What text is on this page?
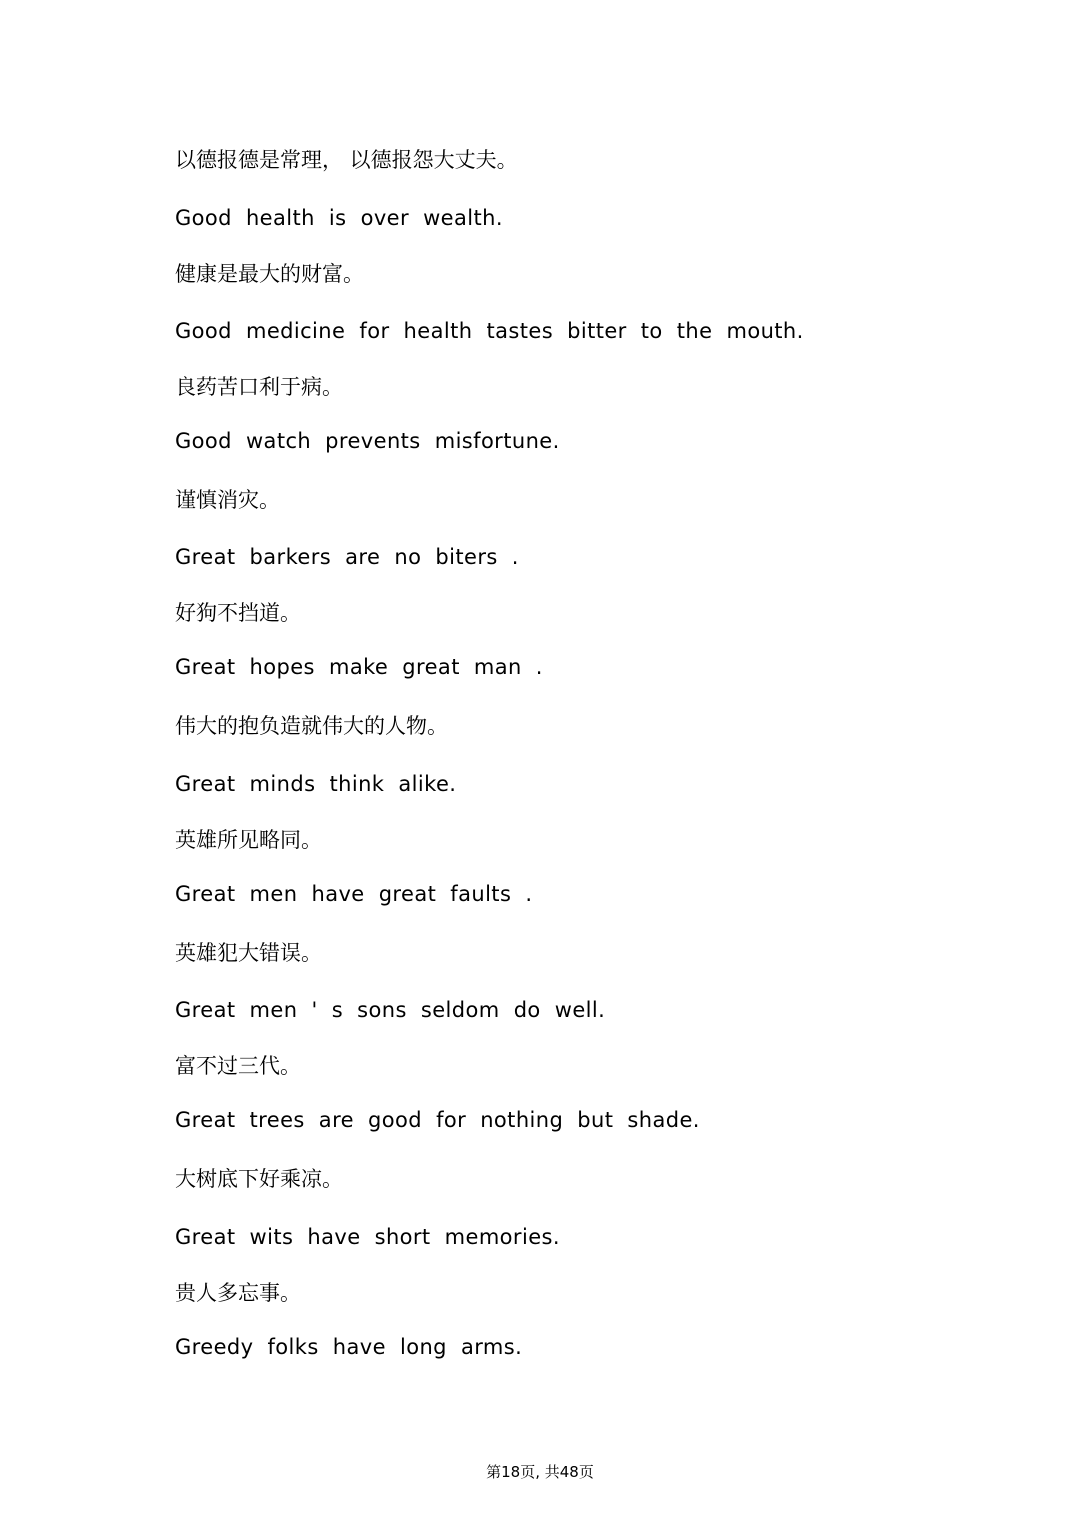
以德报德是常理， 以德报怨大丈夫。
Good health is over wealth.
健康是最大的财富。
Good medicine for health tastes bitter to the mouth.
良药苦口利于病。
Good watch prevents misfortune.
谨慎消灾。
Great barkers are no biters .
好狗不挡道。
Great hopes make great man .
伟大的抱负造就伟大的人物。
Great minds think alike.
英雄所见略同。
Great men have great faults .
英雄犯大错误。
Great men ' s sons seldom do well.
富不过三代。
Great trees are good for nothing but shade.
大树底下好乘凉。
Great wits have short memories.
贵人多忘事。
Greedy folks have long arms.
第18页, 共48页
